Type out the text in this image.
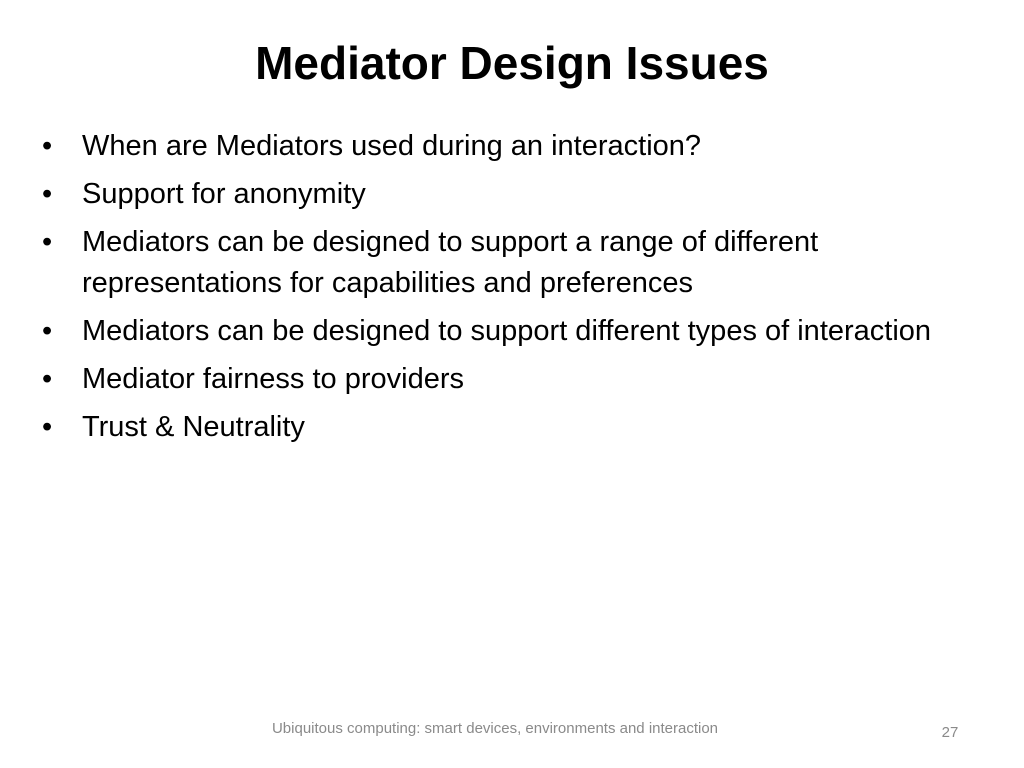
Mediator Design Issues
•	When are Mediators used during an interaction?
•	Support for anonymity
•	Mediators can be designed to support a range of different representations for capabilities and preferences
•	Mediators can be designed to support different types of interaction
•	Mediator fairness to providers
•	Trust & Neutrality
Ubiquitous computing: smart devices, environments and interaction	27
